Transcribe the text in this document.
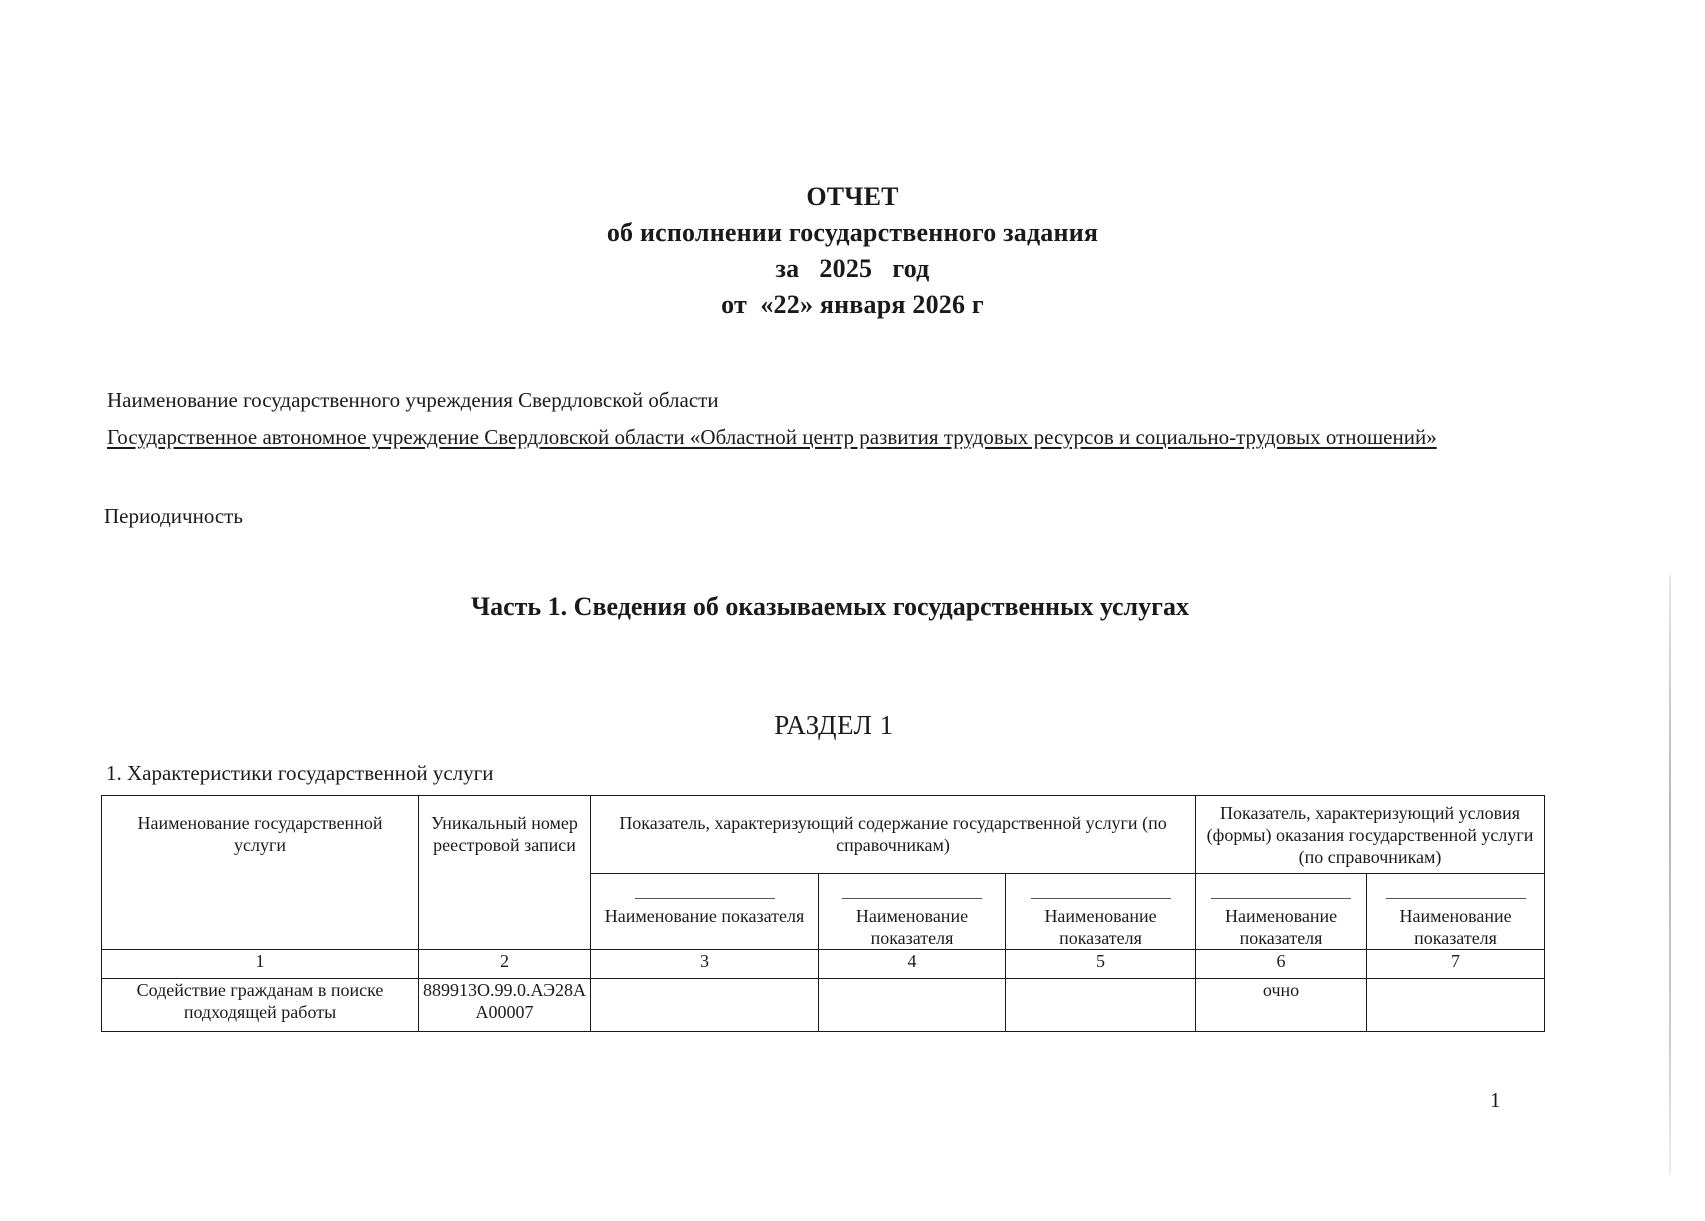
ОТЧЕТ
об исполнении государственного задания
за   2025   год
от  «22» января 2026 г
Наименование государственного учреждения Свердловской области
Государственное автономное учреждение Свердловской области «Областной центр развития трудовых ресурсов и социально-трудовых отношений»
Периодичность
Часть 1. Сведения об оказываемых государственных услугах
РАЗДЕЛ 1
1. Характеристики государственной услуги
Наименование государственной услуги	Уникальный номер реестровой записи	Показатель, характеризующий содержание государственной услуги (по справочникам)			Показатель, характеризующий условия (формы) оказания государственной услуги (по справочникам)	

Наименование показателя	Наименование показателя	Наименование показателя	Наименование показателя	Наименование показателя
1	2	3	4	5	6	7
Содействие гражданам в поиске подходящей работы	889913О.99.0.АЭ28АА00007				очно	
1
